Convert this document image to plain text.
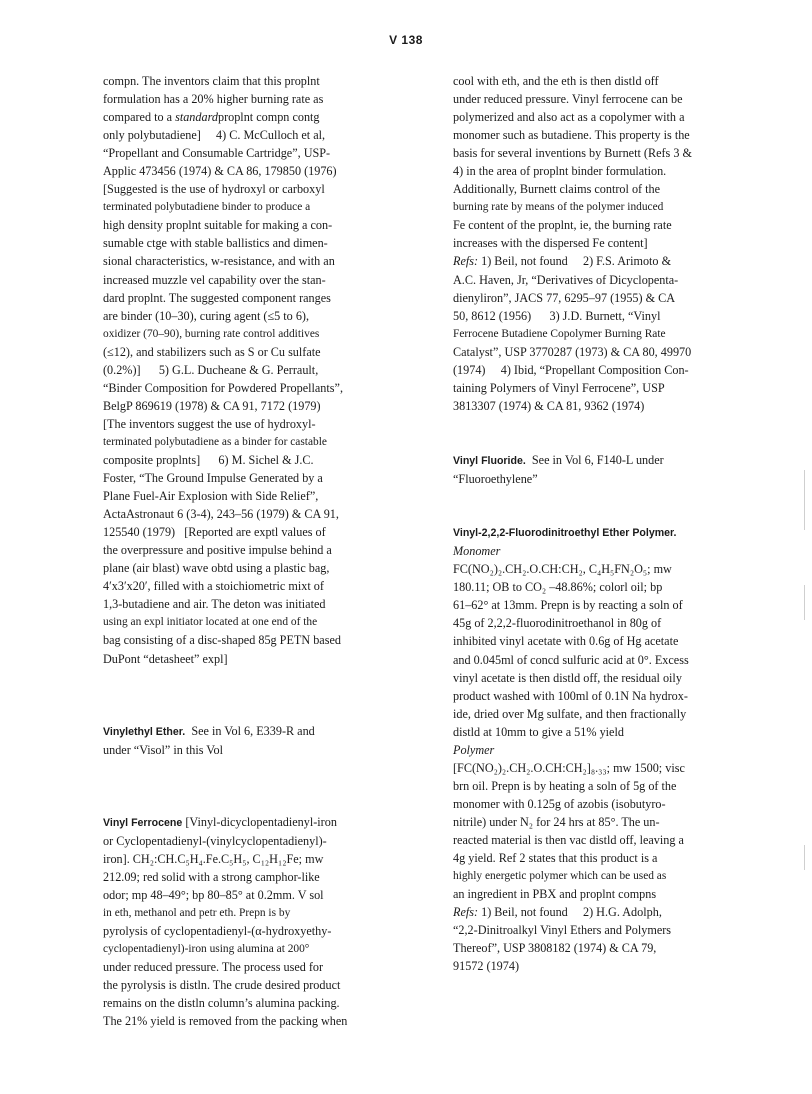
V 138
compn. The inventors claim that this proplnt
formulation has a 20% higher burning rate as
compared to a standardproplnt compn contg
only polybutadiene]     4) C. McCulloch et al,
“Propellant and Consumable Cartridge”, USP-
Applic 473456 (1974) & CA 86, 179850 (1976)
[Suggested is the use of hydroxyl or carboxyl
terminated polybutadiene binder to produce a
high density proplnt suitable for making a con-
sumable ctge with stable ballistics and dimen-
sional characteristics, w-resistance, and with an
increased muzzle vel capability over the stan-
dard proplnt. The suggested component ranges
are binder (10–30), curing agent (≤5 to 6),
oxidizer (70–90), burning rate control additives
(≤12), and stabilizers such as S or Cu sulfate
(0.2%)]      5) G.L. Ducheane & G. Perrault,
“Binder Composition for Powdered Propellants”,
BelgP 869619 (1978) & CA 91, 7172 (1979)
[The inventors suggest the use of hydroxyl-
terminated polybutadiene as a binder for castable
composite proplnts]      6) M. Sichel & J.C.
Foster, “The Ground Impulse Generated by a
Plane Fuel-Air Explosion with Side Relief”,
ActaAstronaut 6 (3-4), 243–56 (1979) & CA 91,
125540 (1979)   [Reported are exptl values of
the overpressure and positive impulse behind a
plane (air blast) wave obtd using a plastic bag,
4′x3′x20′, filled with a stoichiometric mixt of
1,3-butadiene and air. The deton was initiated
using an expl initiator located at one end of the
bag consisting of a disc-shaped 85g PETN based
DuPont “detasheet” expl]
Vinylethyl Ether.  See in Vol 6, E339-R and
under “Visol” in this Vol
Vinyl Ferrocene [Vinyl-dicyclopentadienyl-iron
or Cyclopentadienyl-(vinylcyclopentadienyl)-
iron]. CH₂:CH.C₅H₄.Fe.C₅H₅, C₁₂H₁₂Fe; mw
212.09; red solid with a strong camphor-like
odor; mp 48–49°; bp 80–85° at 0.2mm. V sol
in eth, methanol and petr eth. Prepn is by
pyrolysis of cyclopentadienyl-(α-hydroxyethy-
cyclopentadienyl)-iron using alumina at 200°
under reduced pressure. The process used for
the pyrolysis is distln. The crude desired product
remains on the distln column’s alumina packing.
The 21% yield is removed from the packing when
cool with eth, and the eth is then distld off
under reduced pressure. Vinyl ferrocene can be
polymerized and also act as a copolymer with a
monomer such as butadiene. This property is the
basis for several inventions by Burnett (Refs 3 &
4) in the area of proplnt binder formulation.
Additionally, Burnett claims control of the
burning rate by means of the polymer induced
Fe content of the proplnt, ie, the burning rate
increases with the dispersed Fe content]
Refs: 1) Beil, not found     2) F.S. Arimoto &
A.C. Haven, Jr, “Derivatives of Dicyclopenta-
dienyliron”, JACS 77, 6295–97 (1955) & CA
50, 8612 (1956)      3) J.D. Burnett, “Vinyl
Ferrocene Butadiene Copolymer Burning Rate
Catalyst”, USP 3770287 (1973) & CA 80, 49970
(1974)     4) Ibid, “Propellant Composition Con-
taining Polymers of Vinyl Ferrocene”, USP
3813307 (1974) & CA 81, 9362 (1974)
Vinyl Fluoride.  See in Vol 6, F140-L under
“Fluoroethylene”
Vinyl-2,2,2-Fluorodinitroethyl Ether Polymer.
Monomer
FC(NO₂)₂.CH₂.O.CH:CH₂, C₄H₅FN₂O₅; mw
180.11; OB to CO₂ –48.86%; colorl oil; bp
61–62° at 13mm. Prepn is by reacting a soln of
45g of 2,2,2-fluorodinitroethanol in 80g of
inhibited vinyl acetate with 0.6g of Hg acetate
and 0.045ml of concd sulfuric acid at 0°. Excess
vinyl acetate is then distld off, the residual oily
product washed with 100ml of 0.1N Na hydrox-
ide, dried over Mg sulfate, and then fractionally
distld at 10mm to give a 51% yield
Polymer
[FC(NO₂)₂.CH₂.O.CH:CH₂]₈.₃₃; mw 1500; visc
brn oil. Prepn is by heating a soln of 5g of the
monomer with 0.125g of azobis (isobutyro-
nitrile) under N₂ for 24 hrs at 85°. The un-
reacted material is then vac distld off, leaving a
4g yield. Ref 2 states that this product is a
highly energetic polymer which can be used as
an ingredient in PBX and proplnt compns
Refs: 1) Beil, not found     2) H.G. Adolph,
“2,2-Dinitroalkyl Vinyl Ethers and Polymers
Thereof”, USP 3808182 (1974) & CA 79,
91572 (1974)
